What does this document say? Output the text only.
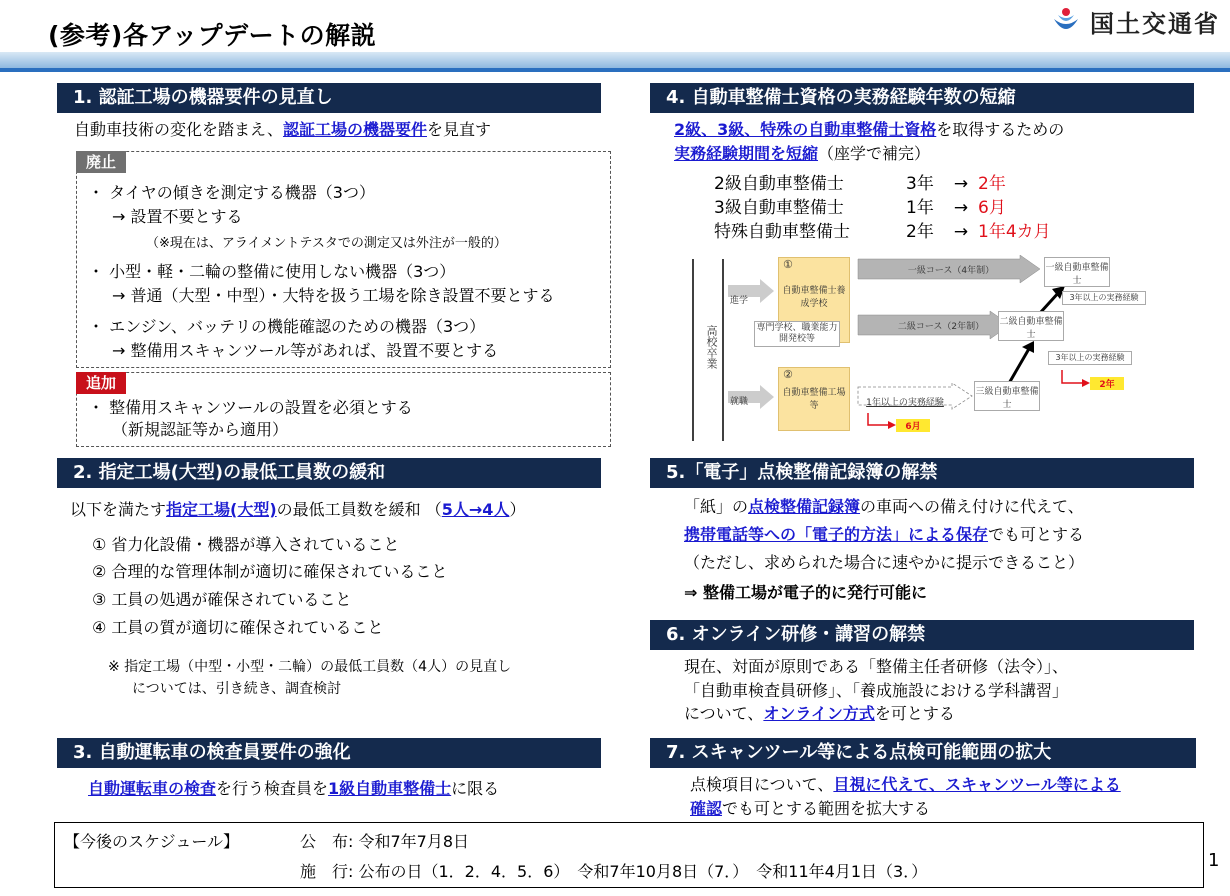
(参考)各アップデートの解説	国土交通省
1. 認証工場の機器要件の見直し
自動車技術の変化を踏まえ、認証工場の機器要件を見直す
廃止
・ タイヤの傾きを測定する機器（3つ）
→ 設置不要とする
（※現在は、アライメントテスタでの測定又は外注が一般的）
・ 小型・軽・二輪の整備に使用しない機器（3つ）
→ 普通（大型・中型）・大特を扱う工場を除き設置不要とする
・ エンジン、バッテリの機能確認のための機器（3つ）
→ 整備用スキャンツール等があれば、設置不要とする
追加
・ 整備用スキャンツールの設置を必須とする
（新規認証等から適用）
2. 指定工場(大型)の最低工員数の緩和
以下を満たす指定工場(大型)の最低工員数を緩和 （5人→4人）
① 省力化設備・機器が導入されていること
② 合理的な管理体制が適切に確保されていること
③ 工員の処遇が確保されていること
④ 工員の質が適切に確保されていること
※ 指定工場（中型・小型・二輪）の最低工員数（4人）の見直し
については、引き続き、調査検討
3. 自動運転車の検査員要件の強化
自動運転車の検査を行う検査員を1級自動車整備士に限る
4. 自動車整備士資格の実務経験年数の短縮
2級、3級、特殊の自動車整備士資格を取得するための
実務経験期間を短縮（座学で補完）
2級自動車整備士	3年	→ 2年
3級自動車整備士	1年	→ 6月
特殊自動車整備士	2年	→ 1年4カ月
高校卒業
進学
就職
①
自動車整備士養成学校
専門学校、職業能力開発校等
②
自動車整備工場等
一級コース（4年制）
二級コース（2年制）
一級自動車整備士
二級自動車整備士
三級自動車整備士
3年以上の実務経験
3年以上の実務経験
1年以上の実務経験
2年
6月
5.「電子」点検整備記録簿の解禁
「紙」の点検整備記録簿の車両への備え付けに代えて、
携帯電話等への「電子的方法」による保存でも可とする
（ただし、求められた場合に速やかに提示できること）
⇒ 整備工場が電子的に発行可能に
6. オンライン研修・講習の解禁
現在、対面が原則である「整備主任者研修（法令）」、
「自動車検査員研修」、「養成施設における学科講習」
について、オンライン方式を可とする
7. スキャンツール等による点検可能範囲の拡大
点検項目について、目視に代えて、スキャンツール等による
確認でも可とする範囲を拡大する
【今後のスケジュール】	公　布: 令和7年7月8日
施　行: 公布の日（1．2．4．5．6）　令和7年10月8日（7．）　令和11年4月1日（3．）
1
